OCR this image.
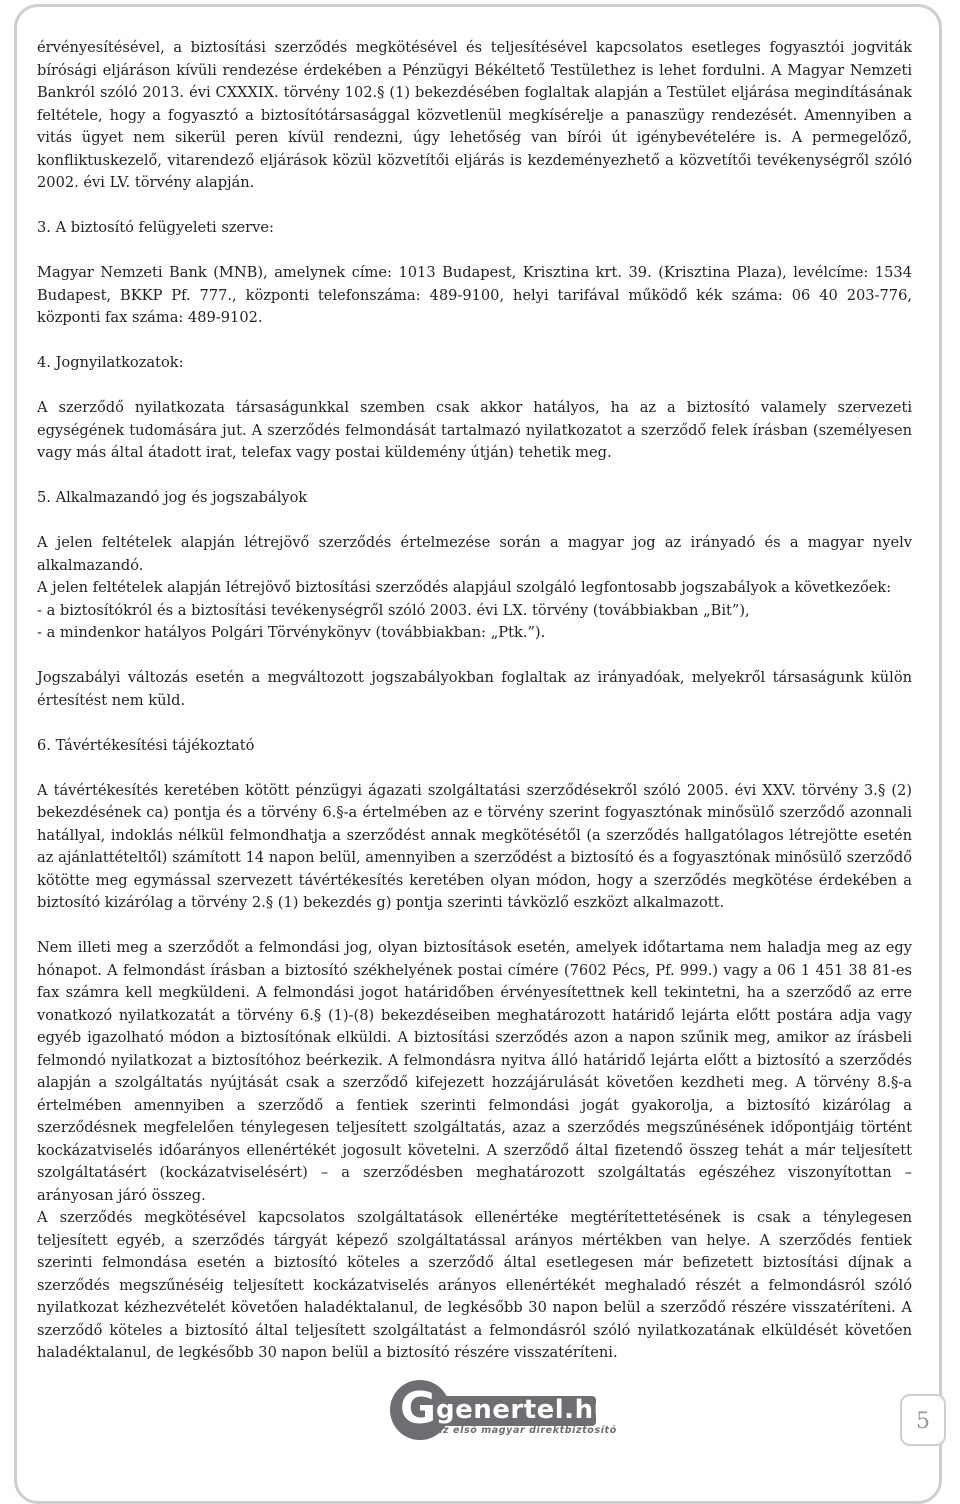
érvényesítésével, a biztosítási szerződés megkötésével és teljesítésével kapcsolatos esetleges fogyasztói jogviták bírósági eljáráson kívüli rendezése érdekében a Pénzügyi Békéltető Testülethez is lehet fordulni. A Magyar Nemzeti Bankról szóló 2013. évi CXXXIX. törvény 102.§ (1) bekezdésében foglaltak alapján a Testület eljárása megindításának feltétele, hogy a fogyasztó a biztosítótársasággal közvetlenül megkísérelje a panaszügy rendezését. Amennyiben a vitás ügyet nem sikerül peren kívül rendezni, úgy lehetőség van bírói út igénybevételére is. A permegelőző, konfliktuskezelő, vitarendező eljárások közül közvetítői eljárás is kezdeményezhető a közvetítői tevékenységről szóló 2002. évi LV. törvény alapján.

3. A biztosító felügyeleti szerve:

Magyar Nemzeti Bank (MNB), amelynek címe: 1013 Budapest, Krisztina krt. 39. (Krisztina Plaza), levélcíme: 1534 Budapest, BKKP Pf. 777., központi telefonszáma: 489-9100, helyi tarifával működő kék száma: 06 40 203-776, központi fax száma: 489-9102.

4. Jognyilatkozatok:

A szerződő nyilatkozata társaságunkkal szemben csak akkor hatályos, ha az a biztosító valamely szervezeti egységének tudomására jut. A szerződés felmondását tartalmazó nyilatkozatot a szerződő felek írásban (személyesen vagy más által átadott irat, telefax vagy postai küldemény útján) tehetik meg.

5. Alkalmazandó jog és jogszabályok

A jelen feltételek alapján létrejövő szerződés értelmezése során a magyar jog az irányadó és a magyar nyelv alkalmazandó.

A jelen feltételek alapján létrejövő biztosítási szerződés alapjául szolgáló legfontosabb jogszabályok a következőek:

- a biztosítókról és a biztosítási tevékenységről szóló 2003. évi LX. törvény (továbbiakban „Bit”),

- a mindenkor hatályos Polgári Törvénykönyv (továbbiakban: „Ptk.”).

Jogszabályi változás esetén a megváltozott jogszabályokban foglaltak az irányadóak, melyekről társaságunk külön értesítést nem küld.

6. Távértékesítési tájékoztató

A távértékesítés keretében kötött pénzügyi ágazati szolgáltatási szerződésekről szóló 2005. évi XXV. törvény 3.§ (2) bekezdésének ca) pontja és a törvény 6.§-a értelmében az e törvény szerint fogyasztónak minősülő szerződő azonnali hatállyal, indoklás nélkül felmondhatja a szerződést annak megkötésétől (a szerződés hallgatólagos létrejötte esetén az ajánlattételtől) számított 14 napon belül, amennyiben a szerződést a biztosító és a fogyasztónak minősülő szerződő kötötte meg egymással szervezett távértékesítés keretében olyan módon, hogy a szerződés megkötése érdekében a biztosító kizárólag a törvény 2.§ (1) bekezdés g) pontja szerinti távközlő eszközt alkalmazott.

Nem illeti meg a szerződőt a felmondási jog, olyan biztosítások esetén, amelyek időtartama nem haladja meg az egy hónapot. A felmondást írásban a biztosító székhelyének postai címére (7602 Pécs, Pf. 999.) vagy a 06 1 451 38 81-es fax számra kell megküldeni. A felmondási jogot határidőben érvényesítettnek kell tekintetni, ha a szerződő az erre vonatkozó nyilatkozatát a törvény 6.§ (1)-(8) bekezdéseiben meghatározott határidő lejárta előtt postára adja vagy egyéb igazolható módon a biztosítónak elküldi. A biztosítási szerződés azon a napon szűnik meg, amikor az írásbeli felmondó nyilatkozat a biztosítóhoz beérkezik. A felmondásra nyitva álló határidő lejárta előtt a biztosító a szerződés alapján a szolgáltatás nyújtását csak a szerződő kifejezett hozzájárulását követően kezdheti meg. A törvény 8.§-a értelmében amennyiben a szerződő a fentiek szerinti felmondási jogát gyakorolja, a biztosító kizárólag a szerződésnek megfelelően ténylegesen teljesített szolgáltatás, azaz a szerződés megszűnésének időpontjáig történt kockázatviselés időarányos ellenértékét jogosult követelni. A szerződő által fizetendő összeg tehát a már teljesített szolgáltatásért (kockázatviselésért) – a szerződésben meghatározott szolgáltatás egészéhez viszonyítottan – arányosan járó összeg.

A szerződés megkötésével kapcsolatos szolgáltatások ellenértéke megtérítettetésének is csak a ténylegesen teljesített egyéb, a szerződés tárgyát képező szolgáltatással arányos mértékben van helye. A szerződés fentiek szerinti felmondása esetén a biztosító köteles a szerződő által esetlegesen már befizetett biztosítási díjnak a szerződés megszűnéséig teljesített kockázatviselés arányos ellenértékét meghaladó részét a felmondásról szóló nyilatkozat kézhezvételét követően haladéktalanul, de legkésőbb 30 napon belül a szerződő részére visszatéríteni. A szerződő köteles a biztosító által teljesített szolgáltatást a felmondásról szóló nyilatkozatának elküldését követően haladéktalanul, de legkésőbb 30 napon belül a biztosító részére visszatéríteni.

G genertel.hu
az első magyar direktbiztosító	5
